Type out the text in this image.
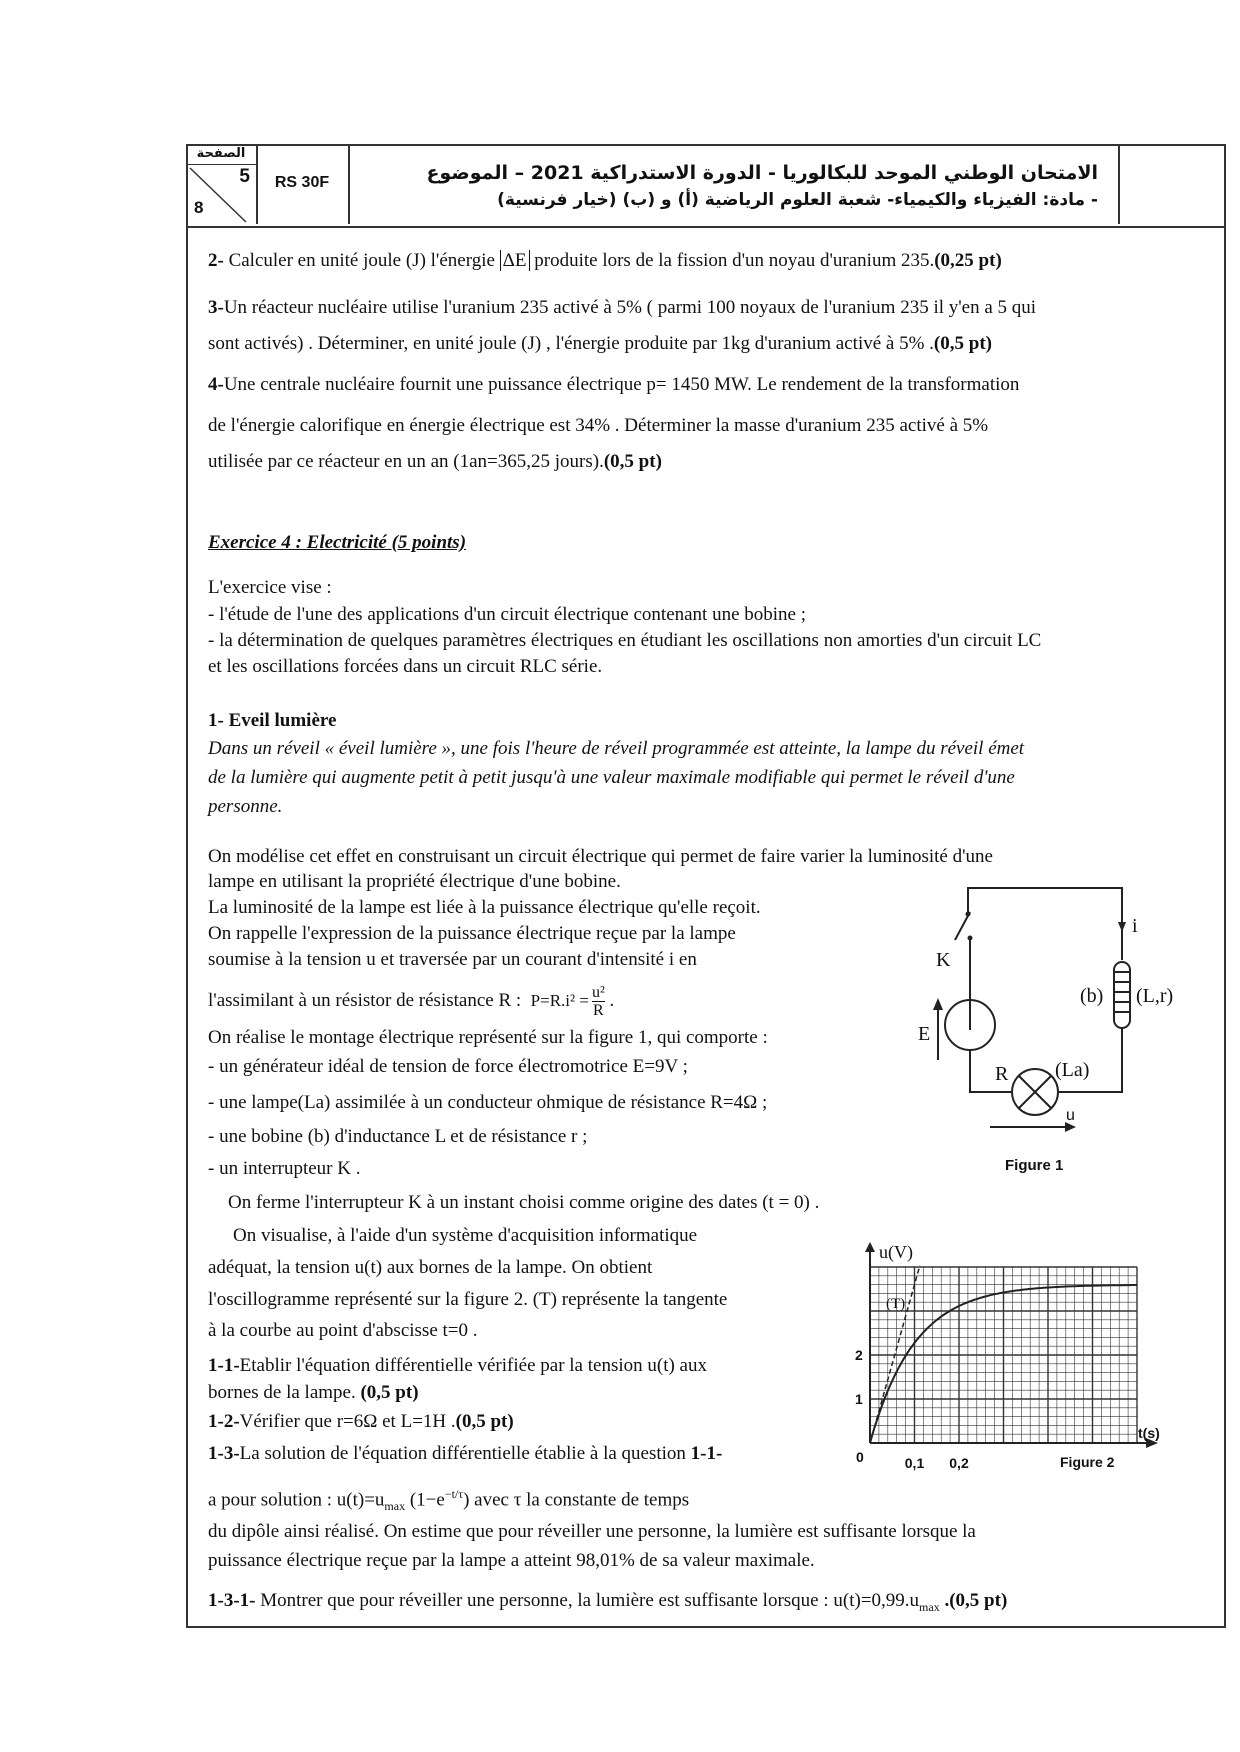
الصفحة
5
8
RS 30F	الامتحان الوطني الموحد للبكالوريا - الدورة الاستدراكية 2021 – الموضوع
- مادة: الفيزياء والكيمياء- شعبة العلوم الرياضية (أ) و (ب) (خيار فرنسية)
2- Calculer en unité joule (J) l'énergie ΔE produite lors de la fission d'un noyau d'uranium 235.(0,25 pt)
3-Un réacteur nucléaire utilise l'uranium 235 activé à 5% ( parmi 100 noyaux de l'uranium 235 il y'en a 5 qui
sont activés) . Déterminer, en unité joule (J) , l'énergie produite par 1kg d'uranium activé à 5% .(0,5 pt)
4-Une centrale nucléaire fournit une puissance électrique p= 1450 MW. Le rendement de la transformation
de l'énergie calorifique en énergie électrique est 34% . Déterminer la masse d'uranium 235 activé à 5%
utilisée par ce réacteur en un an (1an=365,25 jours).(0,5 pt)
Exercice 4 : Electricité (5 points)
L'exercice vise :
- l'étude de l'une des applications d'un circuit électrique contenant une bobine ;
- la détermination de quelques paramètres électriques en étudiant les oscillations non amorties d'un circuit LC
et les oscillations forcées dans un circuit RLC série.
1- Eveil lumière
Dans un réveil « éveil lumière », une fois l'heure de réveil programmée est atteinte, la lampe du réveil émet
de la lumière qui augmente petit à petit jusqu'à une valeur maximale modifiable qui permet le réveil d'une
personne.
On modélise cet effet en construisant un circuit électrique qui permet de faire varier la luminosité d'une
lampe en utilisant la propriété électrique d'une bobine.
La luminosité de la lampe est liée à la puissance électrique qu'elle reçoit.
On rappelle l'expression de la puissance électrique reçue par la lampe
soumise à la tension u et traversée par un courant d'intensité i en
l'assimilant à un résistor de résistance R : $P=R.i^2 = \frac{\text{u²}}{R}$ .
On réalise le montage électrique représenté sur la figure 1, qui comporte :
- un générateur idéal de tension de force électromotrice E=9V ;
- une lampe(La) assimilée à un conducteur ohmique de résistance R=4Ω ;
- une bobine (b) d'inductance L et de résistance r ;
- un interrupteur K .
On ferme l'interrupteur K à un instant choisi comme origine des dates (t = 0) .
On visualise, à l'aide d'un système d'acquisition informatique
adéquat, la tension u(t) aux bornes de la lampe. On obtient
l'oscillogramme représenté sur la figure 2. (T) représente la tangente
à la courbe au point d'abscisse t=0 .
1-1-Etablir l'équation différentielle vérifiée par la tension u(t) aux
bornes de la lampe. (0,5 pt)
1-2-Vérifier que r=6Ω et L=1H .(0,5 pt)
1-3-La solution de l'équation différentielle établie à la question 1-1-
a pour solution : $u(t)=u_{max}$ $(1-e^{-t/\tau})$ avec τ la constante de temps
du dipôle ainsi réalisé. On estime que pour réveiller une personne, la lumière est suffisante lorsque la
puissance électrique reçue par la lampe a atteint 98,01% de sa valeur maximale.
1-3-1- Montrer que pour réveiller une personne, la lumière est suffisante lorsque : $u(t)=0,99.u_{max}$ .(0,5 pt)
K
i
(b) (L,r)
E
R (La)
u
Figure 1
u(V)
(T)
t(s)
0	0,1 0,2
1
2
Figure 2
